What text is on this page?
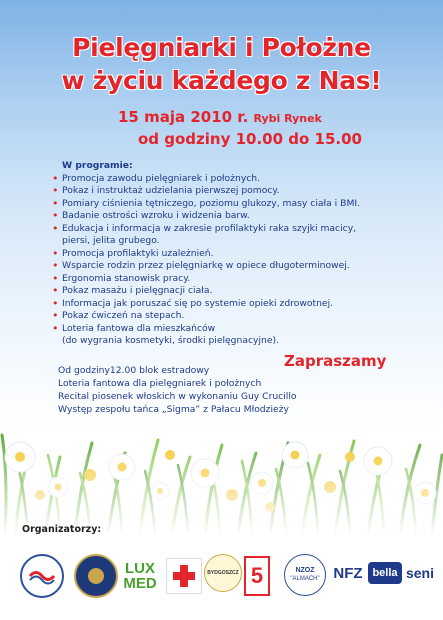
Pielęgniarki i Położne
w życiu każdego z Nas!
15 maja 2010 r. Rybi Rynek
od godziny 10.00 do 15.00
W programie:
• Promocja zawodu pielęgniarek i położnych.
• Pokaz i instruktaż udzielania pierwszej pomocy.
• Pomiary ciśnienia tętniczego, poziomu glukozy, masy ciała i BMI.
• Badanie ostrości wzroku i widzenia barw.
• Edukacja i informacja w zakresie profilaktyki raka szyjki macicy,
piersi, jelita grubego.
• Promocja profilaktyki uzależnień.
• Wsparcie rodzin przez pielęgniarkę w opiece długoterminowej.
• Ergonomia stanowisk pracy.
• Pokaz masażu i pielęgnacji ciała.
• Informacja jak poruszać się po systemie opieki zdrowotnej.
• Pokaz ćwiczeń na stepach.
• Loteria fantowa dla mieszkańców
(do wygrania kosmetyki, środki pielęgnacyjne).
Zapraszamy
Od godziny12.00 blok estradowy
Loteria fantowa dla pielęgniarek i położnych
Organizatorzy:
LUX
MED
BYDGOSZCZ 5	NZOZ
"ALMACH" NFZ bella seni
